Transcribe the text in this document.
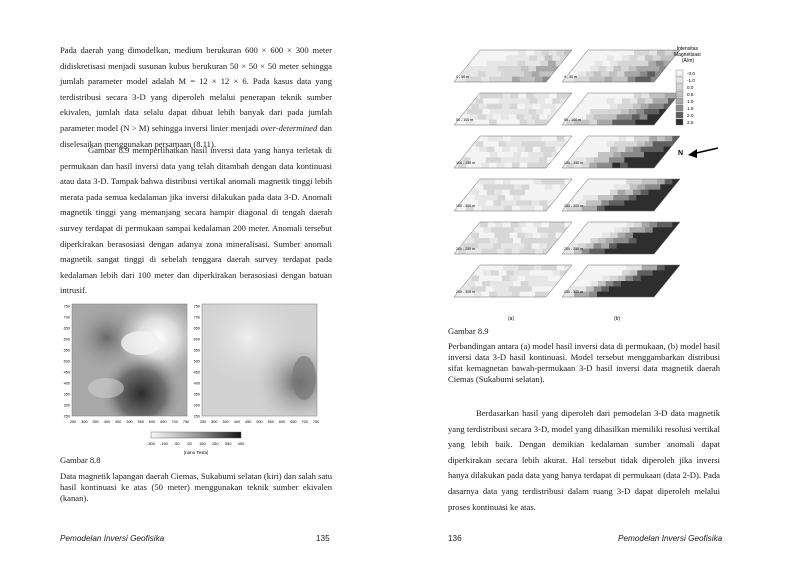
Pada daerah yang dimodelkan, medium berukuran 600 × 600 × 300 meter didiskretisasi menjadi susunan kubus berukuran 50 × 50 × 50 meter sehingga jumlah parameter model adalah M = 12 × 12 × 6. Pada kasus data yang terdistribusi secara 3-D yang diperoleh melalui penerapan teknik sumber ekivalen, jumlah data selalu dapat dibuat lebih banyak dari pada jumlah parameter model (N > M) sehingga inversi linier menjadi over-determined dan diselesaikan menggunakan persamaan (8.11).

Gambar 8.9 memperlihatkan hasil inversi data yang hanya terletak di permukaan dan hasil inversi data yang telah ditambah dengan data kontinuasi atau data 3-D. Tampak bahwa distribusi vertikal anomali magnetik tinggi lebih merata pada semua kedalaman jika inversi dilakukan pada data 3-D. Anomali magnetik tinggi yang memanjang secara hampir diagonal di tengah daerah survey terdapat di permukaan sampai kedalaman 200 meter. Anomali tersebut diperkirakan berasosiasi dengan adanya zona mineralisasi. Sumber anomali magnetik sangat tinggi di sebelah tenggara daerah survey terdapat pada kedalaman lebih dari 100 meter dan diperkirakan berasosiasi dengan batuan intrusif.

750
700
650
600
550
500
450
400
350
300
250
750
700
650
600
550
500
450
400
350
300
250
250 300 350 400 450 500 550 600 650 700 750	250 300 350 400 450 500 550 600 650 700 750
-300 -150 -50 50 150 250 350 450
(nano Tesla)
Gambar 8.8

Data magnetik lapangan daerah Ciemas, Sukabumi selatan (kiri) dan salah satu hasil kontinuasi ke atas (50 meter) menggunakan teknik sumber ekivalen (kanan).

Pemodelan Inversi Geofisika	135
0 - 50 m
50 - 100 m
100 - 150 m
150 - 200 m
200 - 250 m
250 - 300 m
0 - 50 m
50 - 100 m
100 - 150 m
150 - 200 m
200 - 250 m
250 - 300 m
Intensitas Magnetisasi (A/m)
-3.0
-1.0
0.0
0.5
1.0
1.5
2.0
2.5
N
(a)	(b)
Gambar 8.9

Perbandingan antara (a) model hasil inversi data di permukaan, (b) model hasil inversi data 3-D hasil kontinuasi. Model tersebut menggambarkan distribusi sifat kemagnetan bawah-permukaan 3-D hasil inversi data magnetik daerah Ciemas (Sukabumi selatan).

Berdasarkan hasil yang diperoleh dari pemodelan 3-D data magnetik yang terdistribusi secara 3-D, model yang dihasilkan memiliki resolusi vertikal yang lebih baik. Dengan demikian kedalaman sumber anomali dapat diperkirakan secara lebih akurat. Hal tersebut tidak diperoleh jika inversi hanya dilakukan pada data yang hanya terdapat di permukaan (data 2-D). Pada dasarnya data yang terdistribusi dalam ruang 3-D dapat diperoleh melalui proses kontinuasi ke atas.

136	Pemodelan Inversi Geofisika
